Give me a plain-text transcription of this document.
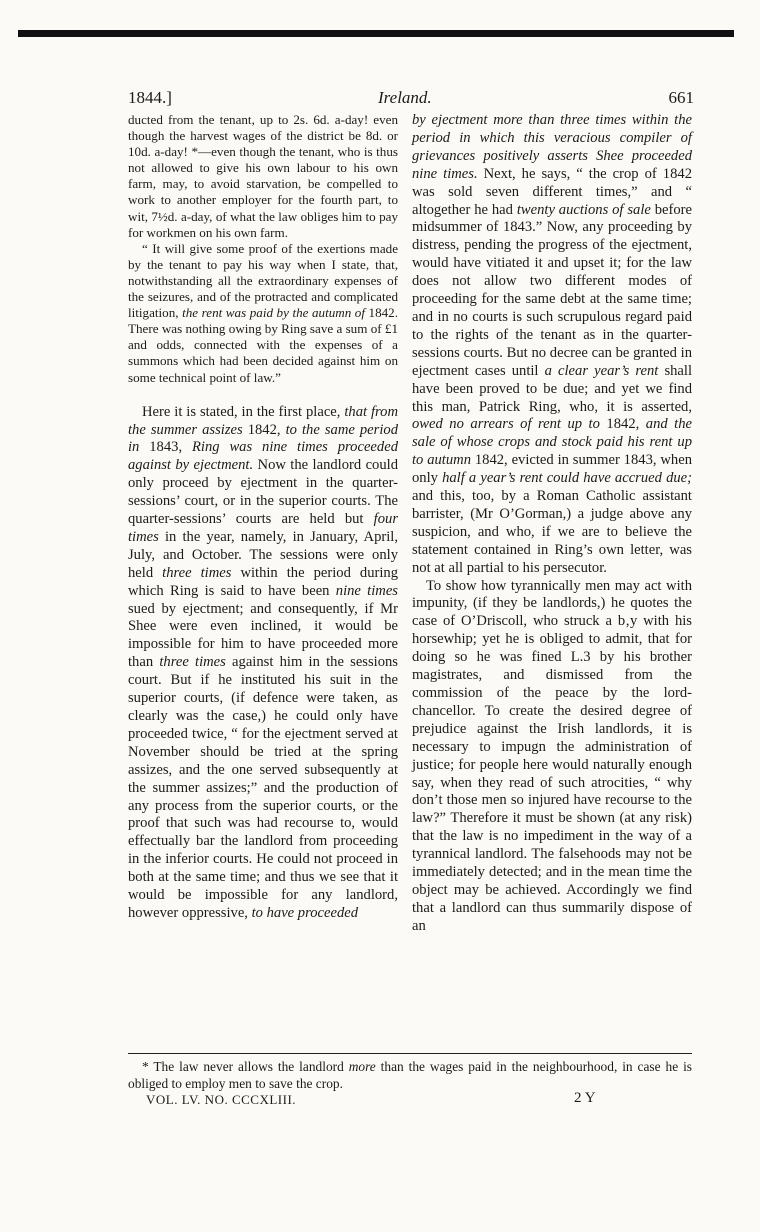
1844.]	Ireland.	661

ducted from the tenant, up to 2s. 6d. a-day! even though the harvest wages of the district be 8d. or 10d. a-day! *—even though the tenant, who is thus not allowed to give his own labour to his own farm, may, to avoid starvation, be compelled to work to another employer for the fourth part, to wit, 7½d. a-day, of what the law obliges him to pay for workmen on his own farm.

“ It will give some proof of the exertions made by the tenant to pay his way when I state, that, notwithstanding all the extraordinary expenses of the seizures, and of the protracted and complicated litigation, the rent was paid by the autumn of 1842. There was nothing owing by Ring save a sum of £1 and odds, connected with the expenses of a summons which had been decided against him on some technical point of law.”

Here it is stated, in the first place, that from the summer assizes 1842, to the same period in 1843, Ring was nine times proceeded against by ejectment. Now the landlord could only proceed by ejectment in the quarter-sessions’ court, or in the superior courts. The quarter-sessions’ courts are held but four times in the year, namely, in January, April, July, and October. The sessions were only held three times within the period during which Ring is said to have been nine times sued by ejectment; and consequently, if Mr Shee were even inclined, it would be impossible for him to have proceeded more than three times against him in the sessions court. But if he instituted his suit in the superior courts, (if defence were taken, as clearly was the case,) he could only have proceeded twice, “ for the ejectment served at November should be tried at the spring assizes, and the one served subsequently at the summer assizes;” and the production of any process from the superior courts, or the proof that such was had recourse to, would effectually bar the landlord from proceeding in the inferior courts. He could not proceed in both at the same time; and thus we see that it would be impossible for any landlord, however oppressive, to have proceeded

by ejectment more than three times within the period in which this veracious compiler of grievances positively asserts Shee proceeded nine times. Next, he says, “ the crop of 1842 was sold seven different times,” and “ altogether he had twenty auctions of sale before midsummer of 1843.” Now, any proceeding by distress, pending the progress of the ejectment, would have vitiated it and upset it; for the law does not allow two different modes of proceeding for the same debt at the same time; and in no courts is such scrupulous regard paid to the rights of the tenant as in the quarter-sessions courts. But no decree can be granted in ejectment cases until a clear year’s rent shall have been proved to be due; and yet we find this man, Patrick Ring, who, it is asserted, owed no arrears of rent up to 1842, and the sale of whose crops and stock paid his rent up to autumn 1842, evicted in summer 1843, when only half a year’s rent could have accrued due; and this, too, by a Roman Catholic assistant barrister, (Mr O’Gorman,) a judge above any suspicion, and who, if we are to believe the statement contained in Ring’s own letter, was not at all partial to his persecutor.

To show how tyrannically men may act with impunity, (if they be landlords,) he quotes the case of O’Driscoll, who struck a b‚y with his horsewhip; yet he is obliged to admit, that for doing so he was fined L.3 by his brother magistrates, and dismissed from the commission of the peace by the lord-chancellor. To create the desired degree of prejudice against the Irish landlords, it is necessary to impugn the administration of justice; for people here would naturally enough say, when they read of such atrocities, “ why don’t those men so injured have recourse to the law?” Therefore it must be shown (at any risk) that the law is no impediment in the way of a tyrannical landlord. The falsehoods may not be immediately detected; and in the mean time the object may be achieved. Accordingly we find that a landlord can thus summarily dispose of an

* The law never allows the landlord more than the wages paid in the neighbourhood, in case he is obliged to employ men to save the crop.
VOL. LV. NO. CCCXLIII.	2 Y
